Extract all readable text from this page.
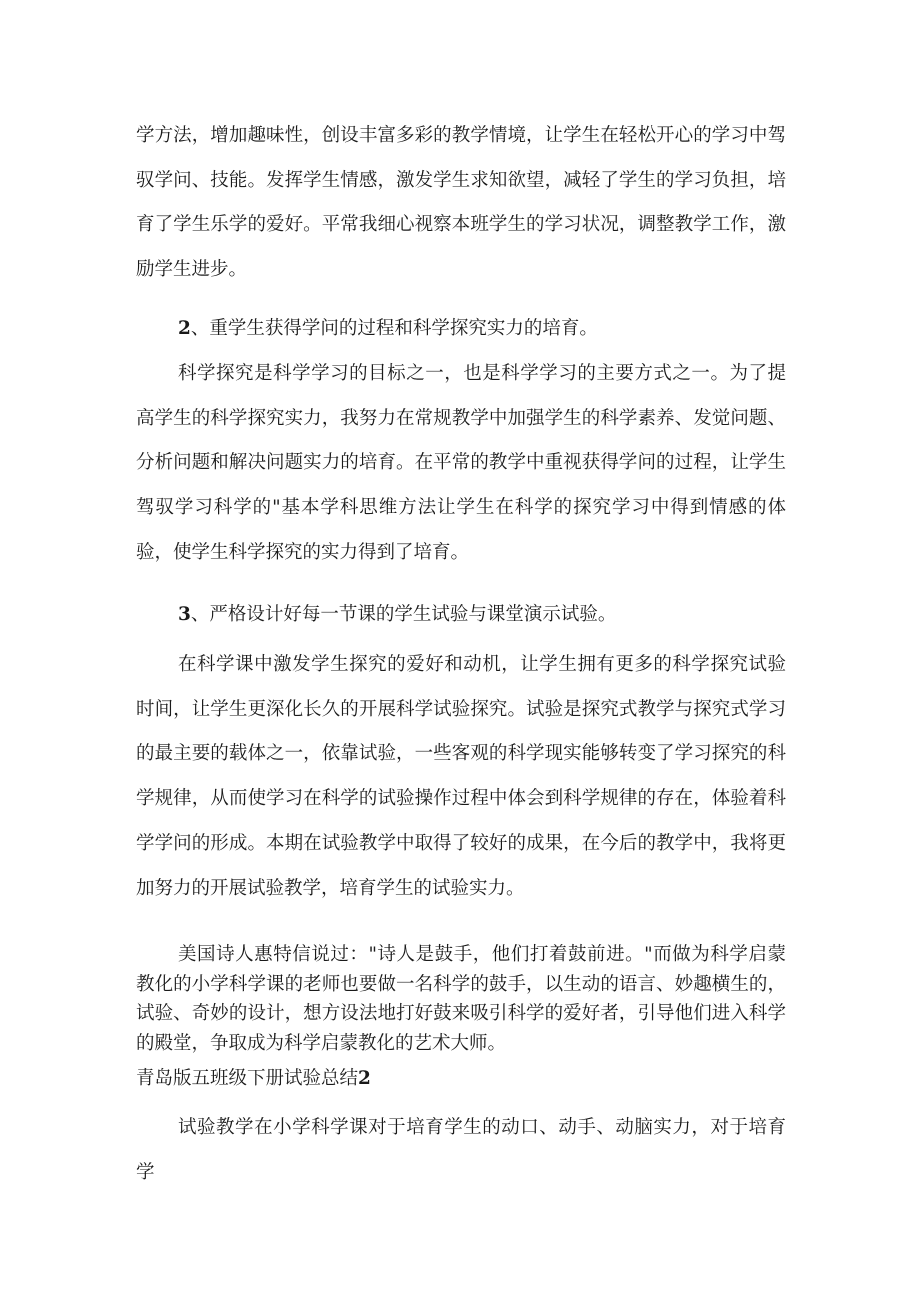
学方法，增加趣味性，创设丰富多彩的教学情境，让学生在轻松开心的学习中驾驭学问、技能。发挥学生情感，激发学生求知欲望，减轻了学生的学习负担，培育了学生乐学的爱好。平常我细心视察本班学生的学习状况，调整教学工作，激励学生进步。

2、重学生获得学问的过程和科学探究实力的培育。

科学探究是科学学习的目标之一，也是科学学习的主要方式之一。为了提高学生的科学探究实力，我努力在常规教学中加强学生的科学素养、发觉问题、分析问题和解决问题实力的培育。在平常的教学中重视获得学问的过程，让学生驾驭学习科学的"基本学科思维方法让学生在科学的探究学习中得到情感的体验，使学生科学探究的实力得到了培育。

3、严格设计好每一节课的学生试验与课堂演示试验。

在科学课中激发学生探究的爱好和动机，让学生拥有更多的科学探究试验时间，让学生更深化长久的开展科学试验探究。试验是探究式教学与探究式学习的最主要的载体之一，依靠试验，一些客观的科学现实能够转变了学习探究的科学规律，从而使学习在科学的试验操作过程中体会到科学规律的存在，体验着科学学问的形成。本期在试验教学中取得了较好的成果，在今后的教学中，我将更加努力的开展试验教学，培育学生的试验实力。

美国诗人惠特信说过："诗人是鼓手，他们打着鼓前进。"而做为科学启蒙教化的小学科学课的老师也要做一名科学的鼓手，以生动的语言、妙趣横生的，试验、奇妙的设计，想方设法地打好鼓来吸引科学的爱好者，引导他们进入科学的殿堂，争取成为科学启蒙教化的艺术大师。

青岛版五班级下册试验总结2

试验教学在小学科学课对于培育学生的动口、动手、动脑实力，对于培育学
